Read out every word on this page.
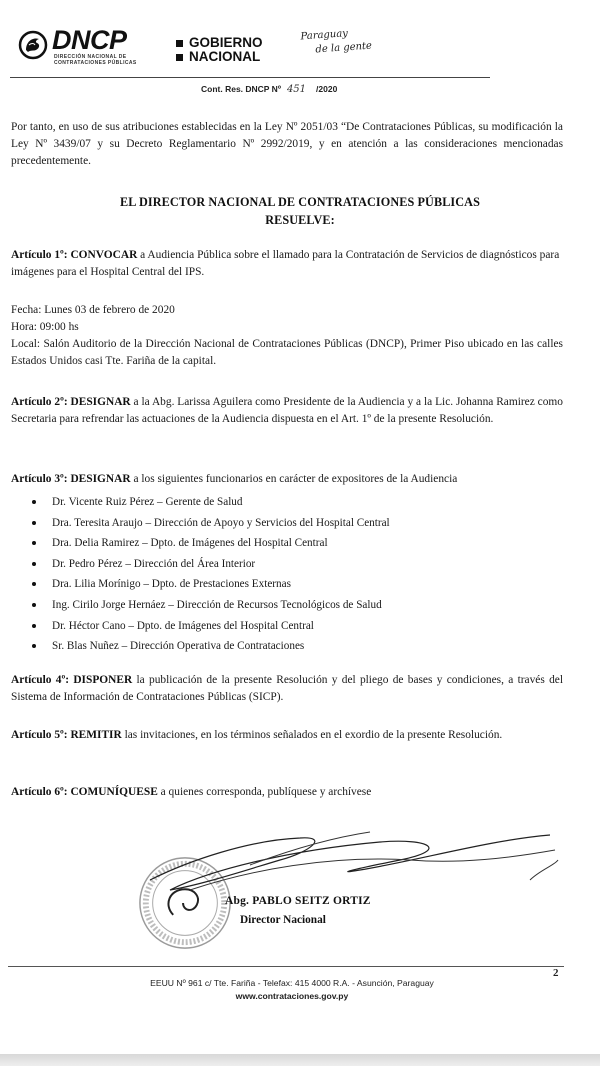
DNCP
DIRECCIÓN NACIONAL DE
CONTRATACIONES PÚBLICAS
GOBIERNO
NACIONAL
Paraguay
de la gente
Cont. Res. DNCP Nº 451 /2020
Por tanto, en uso de sus atribuciones establecidas en la Ley Nº 2051/03 “De Contrataciones Públicas, su modificación la Ley Nº 3439/07 y su Decreto Reglamentario Nº 2992/2019, y en atención a las consideraciones mencionadas precedentemente.
EL DIRECTOR NACIONAL DE CONTRATACIONES PÚBLICAS
RESUELVE:
Artículo 1º: CONVOCAR a Audiencia Pública sobre el llamado para la Contratación de Servicios de diagnósticos para imágenes para el Hospital Central del IPS.
Fecha: Lunes 03 de febrero de 2020
Hora: 09:00 hs
Local: Salón Auditorio de la Dirección Nacional de Contrataciones Públicas (DNCP), Primer Piso ubicado en las calles Estados Unidos casi Tte. Fariña de la capital.
Artículo 2º: DESIGNAR a la Abg. Larissa Aguilera como Presidente de la Audiencia y a la Lic. Johanna Ramirez como Secretaria para refrendar las actuaciones de la Audiencia dispuesta en el Art. 1º de la presente Resolución.
Artículo 3º: DESIGNAR a los siguientes funcionarios en carácter de expositores de la Audiencia
Dr. Vicente Ruiz Pérez – Gerente de Salud
Dra. Teresita Araujo – Dirección de Apoyo y Servicios del Hospital Central
Dra. Delia Ramirez – Dpto. de Imágenes del Hospital Central
Dr. Pedro Pérez – Dirección del Área Interior
Dra. Lilia Morínigo – Dpto. de Prestaciones Externas
Ing. Cirilo Jorge Hernáez – Dirección de Recursos Tecnológicos de Salud
Dr. Héctor Cano – Dpto. de Imágenes del Hospital Central
Sr. Blas Nuñez – Dirección Operativa de Contrataciones
Artículo 4º: DISPONER la publicación de la presente Resolución y del pliego de bases y condiciones, a través del Sistema de Información de Contrataciones Públicas (SICP).
Artículo 5º: REMITIR las invitaciones, en los términos señalados en el exordio de la presente Resolución.
Artículo 6º: COMUNÍQUESE a quienes corresponda, publíquese y archívese
Abg. PABLO SEITZ ORTIZ
Director Nacional
2
EEUU Nº 961 c/ Tte. Fariña - Telefax: 415 4000 R.A. - Asunción, Paraguay
www.contrataciones.gov.py
